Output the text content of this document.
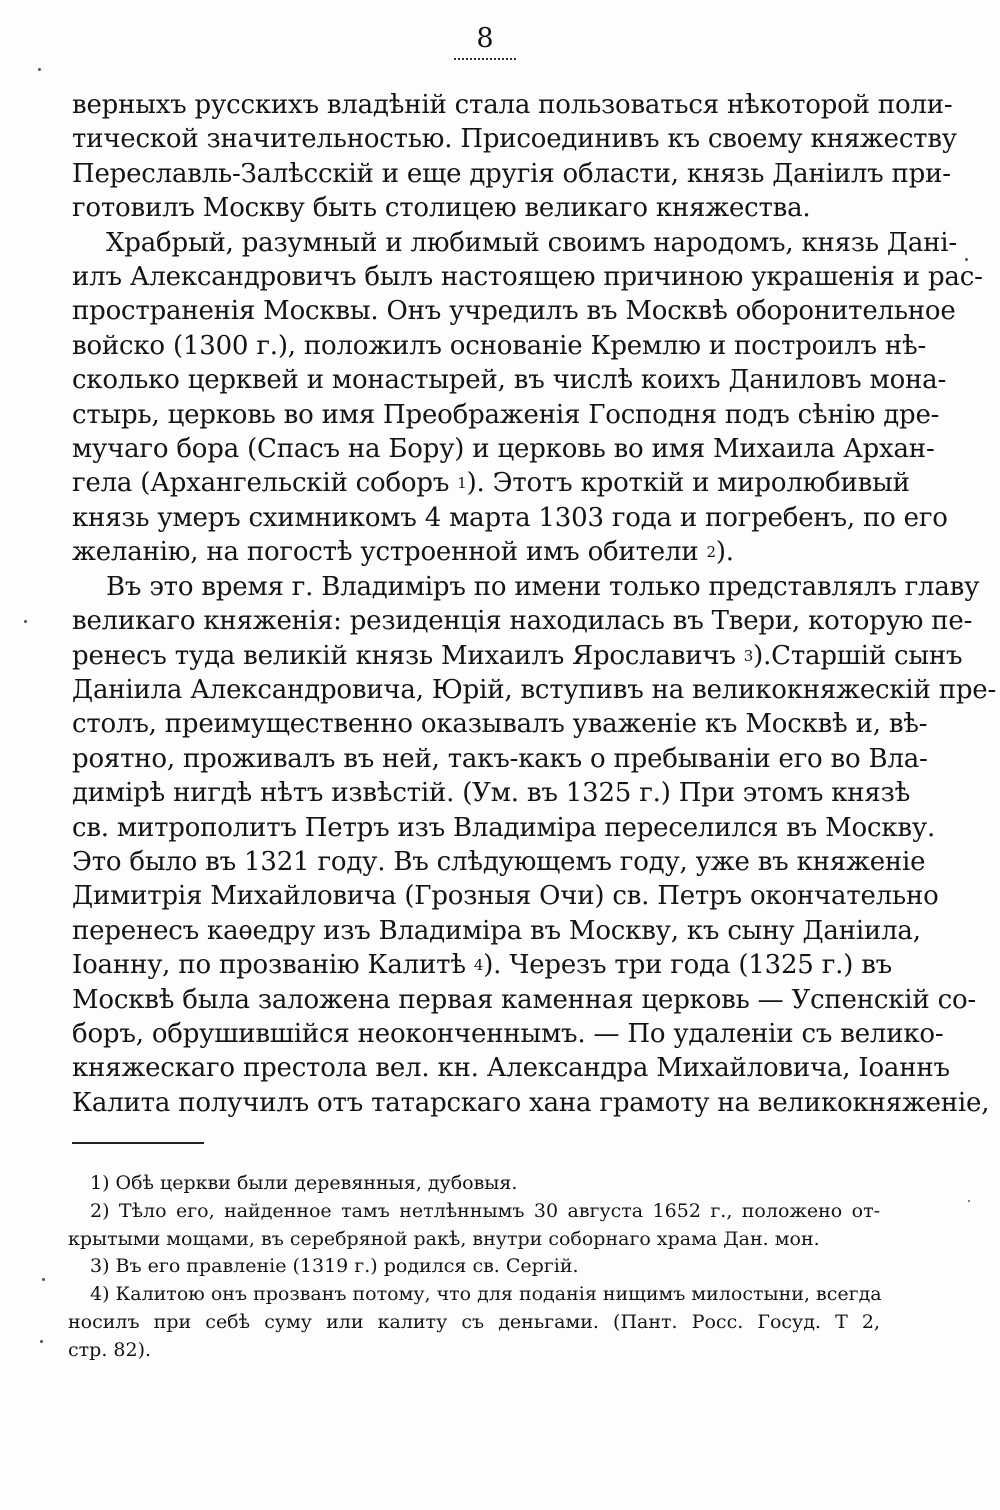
8
верныхъ русскихъ владѣній стала пользоваться нѣкоторой поли-
тической значительностью. Присоединивъ къ своему княжеству
Переславль-Залѣсскій и еще другія области, князь Даніилъ при-
готовилъ Москву быть столицею великаго княжества.
Храбрый, разумный и любимый своимъ народомъ, князь Дані-
илъ Александровичъ былъ настоящею причиною украшенія и рас-
пространенія Москвы. Онъ учредилъ въ Москвѣ оборонительное
войско (1300 г.), положилъ основаніе Кремлю и построилъ нѣ-
сколько церквей и монастырей, въ числѣ коихъ Даниловъ мона-
стырь, церковь во имя Преображенія Господня подъ сѣнію дре-
мучаго бора (Спасъ на Бору) и церковь во имя Михаила Архан-
гела (Архангельскій соборъ $^1$). Этотъ кроткій и миролюбивый
князь умеръ схимникомъ 4 марта 1303 года и погребенъ, по его
желанію, на погостѣ устроенной имъ обители $^2$).
Въ это время г. Владиміръ по имени только представлялъ главу
великаго княженія: резиденція находилась въ Твери, которую пе-
ренесъ туда великій князь Михаилъ Ярославичъ $^3$).Старшій сынъ
Даніила Александровича, Юрій, вступивъ на великокняжескій пре-
столъ, преимущественно оказывалъ уваженіе къ Москвѣ и, вѣ-
роятно, проживалъ въ ней, такъ-какъ о пребываніи его во Вла-
димірѣ нигдѣ нѣтъ извѣстій. (Ум. въ 1325 г.) При этомъ князѣ
св. митрополитъ Петръ изъ Владиміра переселился въ Москву.
Это было въ 1321 году. Въ слѣдующемъ году, уже въ княженіе
Димитрія Михайловича (Грозныя Очи) св. Петръ окончательно
перенесъ каѳедру изъ Владиміра въ Москву, къ сыну Даніила,
Іоанну, по прозванію Калитѣ $^4$). Черезъ три года (1325 г.) въ
Москвѣ была заложена первая каменная церковь — Успенскій со-
боръ, обрушившійся неоконченнымъ. — По удаленіи съ велико-
княжескаго престола вел. кн. Александра Михайловича, Іоаннъ
Калита получилъ отъ татарскаго хана грамоту на великокняженіе,
1) Обѣ церкви были деревянныя, дубовыя.
2) Тѣло его, найденное тамъ нетлѣннымъ 30 августа 1652 г., положено от-
крытыми мощами, въ серебряной ракѣ, внутри соборнаго храма Дан. мон.
3) Въ его правленіе (1319 г.) родился св. Сергій.
4) Калитою онъ прозванъ потому, что для поданія нищимъ милостыни, всегда
носилъ при себѣ суму или калиту съ деньгами. (Пант. Росс. Госуд. Т 2,
стр. 82).
